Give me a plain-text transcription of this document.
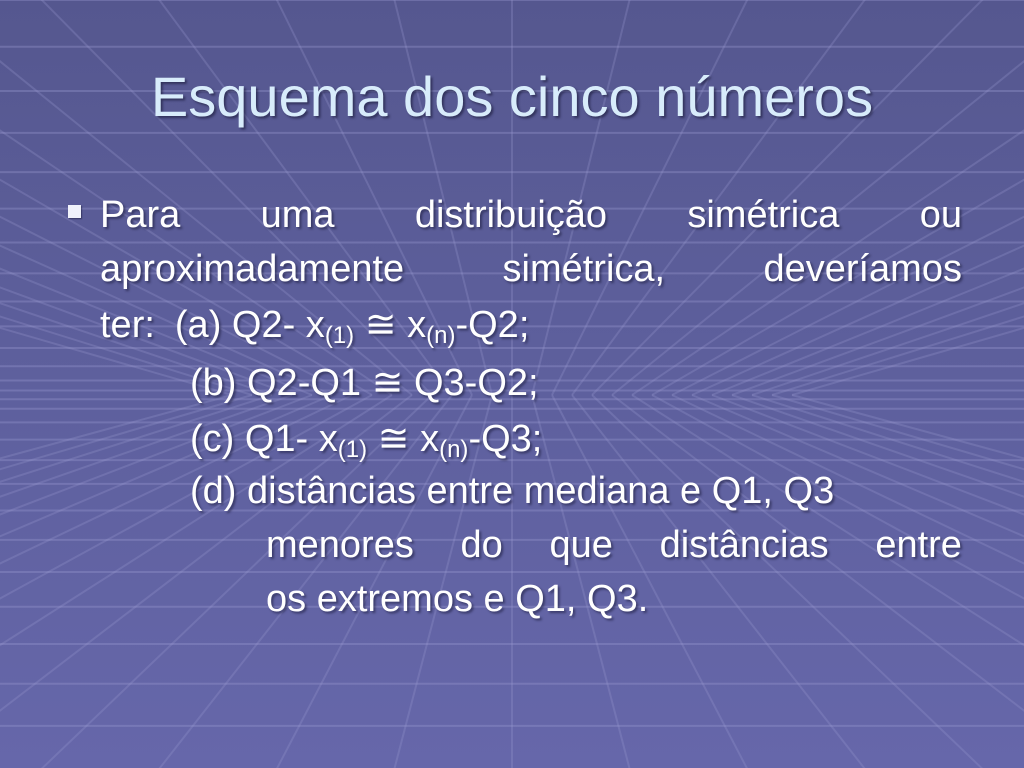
Esquema dos cinco números
Para uma distribuição simétrica ou
aproximadamente	simétrica,	deveríamos
ter: (a) Q2- $x_{(1)}$ ≅ $x_{(n)}-Q2$;
(b) Q2-Q1 ≅ Q3-Q2;
(c) Q1- $x_{(1)}$ ≅ $x_{(n)}-Q3$;
(d) distâncias entre mediana e Q1, Q3
menores do que distâncias entre
os extremos e Q1, Q3.
